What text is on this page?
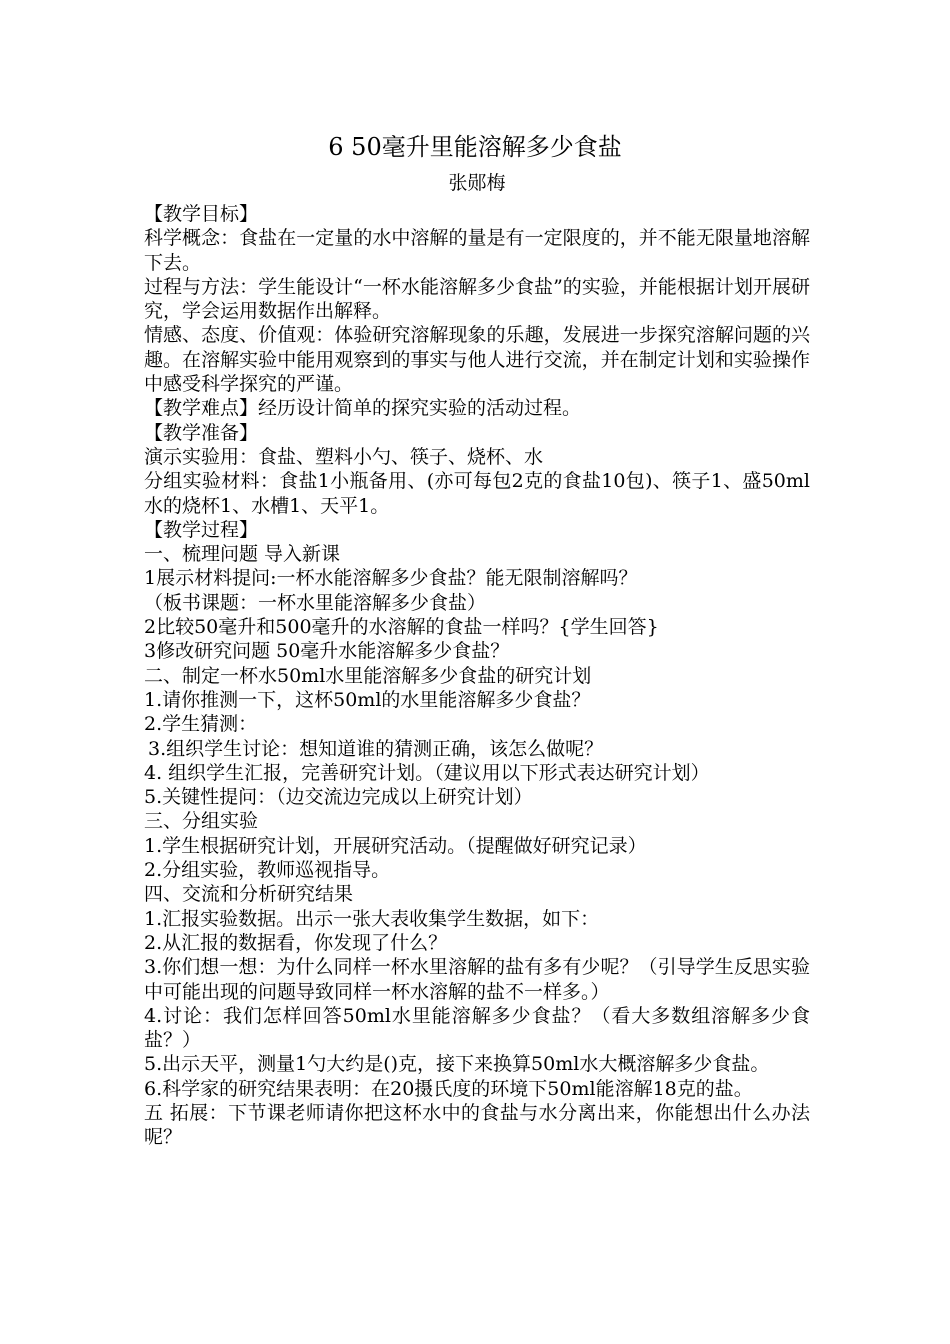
6 50毫升里能溶解多少食盐
张郧梅

【教学目标】

科学概念：食盐在一定量的水中溶解的量是有一定限度的，并不能无限量地溶解下去。

过程与方法：学生能设计“一杯水能溶解多少食盐”的实验，并能根据计划开展研究，学会运用数据作出解释。

情感、态度、价值观：体验研究溶解现象的乐趣，发展进一步探究溶解问题的兴趣。在溶解实验中能用观察到的事实与他人进行交流，并在制定计划和实验操作中感受科学探究的严谨。

【教学难点】经历设计简单的探究实验的活动过程。

【教学准备】

演示实验用：食盐、塑料小勺、筷子、烧杯、水

分组实验材料：食盐1小瓶备用、(亦可每包2克的食盐10包)、筷子1、盛50ml水的烧杯1、水槽1、天平1。

【教学过程】

一、梳理问题 导入新课

1展示材料提问:一杯水能溶解多少食盐？能无限制溶解吗？

（板书课题：一杯水里能溶解多少食盐）

2比较50毫升和500毫升的水溶解的食盐一样吗？{学生回答}

3修改研究问题 50毫升水能溶解多少食盐？

二、制定一杯水50ml水里能溶解多少食盐的研究计划

1.请你推测一下，这杯50ml的水里能溶解多少食盐？

2.学生猜测：

3.组织学生讨论：想知道谁的猜测正确，该怎么做呢？

4. 组织学生汇报，完善研究计划。（建议用以下形式表达研究计划）

5.关键性提问：（边交流边完成以上研究计划）

三、分组实验

1.学生根据研究计划，开展研究活动。（提醒做好研究记录）

2.分组实验，教师巡视指导。

四、交流和分析研究结果

1.汇报实验数据。出示一张大表收集学生数据，如下：

2.从汇报的数据看，你发现了什么？

3.你们想一想：为什么同样一杯水里溶解的盐有多有少呢？（引导学生反思实验中可能出现的问题导致同样一杯水溶解的盐不一样多。）

4.讨论：我们怎样回答50ml水里能溶解多少食盐？（看大多数组溶解多少食盐？）

5.出示天平，测量1勺大约是()克，接下来换算50ml水大概溶解多少食盐。

6.科学家的研究结果表明：在20摄氏度的环境下50ml能溶解18克的盐。

五 拓展：下节课老师请你把这杯水中的食盐与水分离出来，你能想出什么办法呢？
